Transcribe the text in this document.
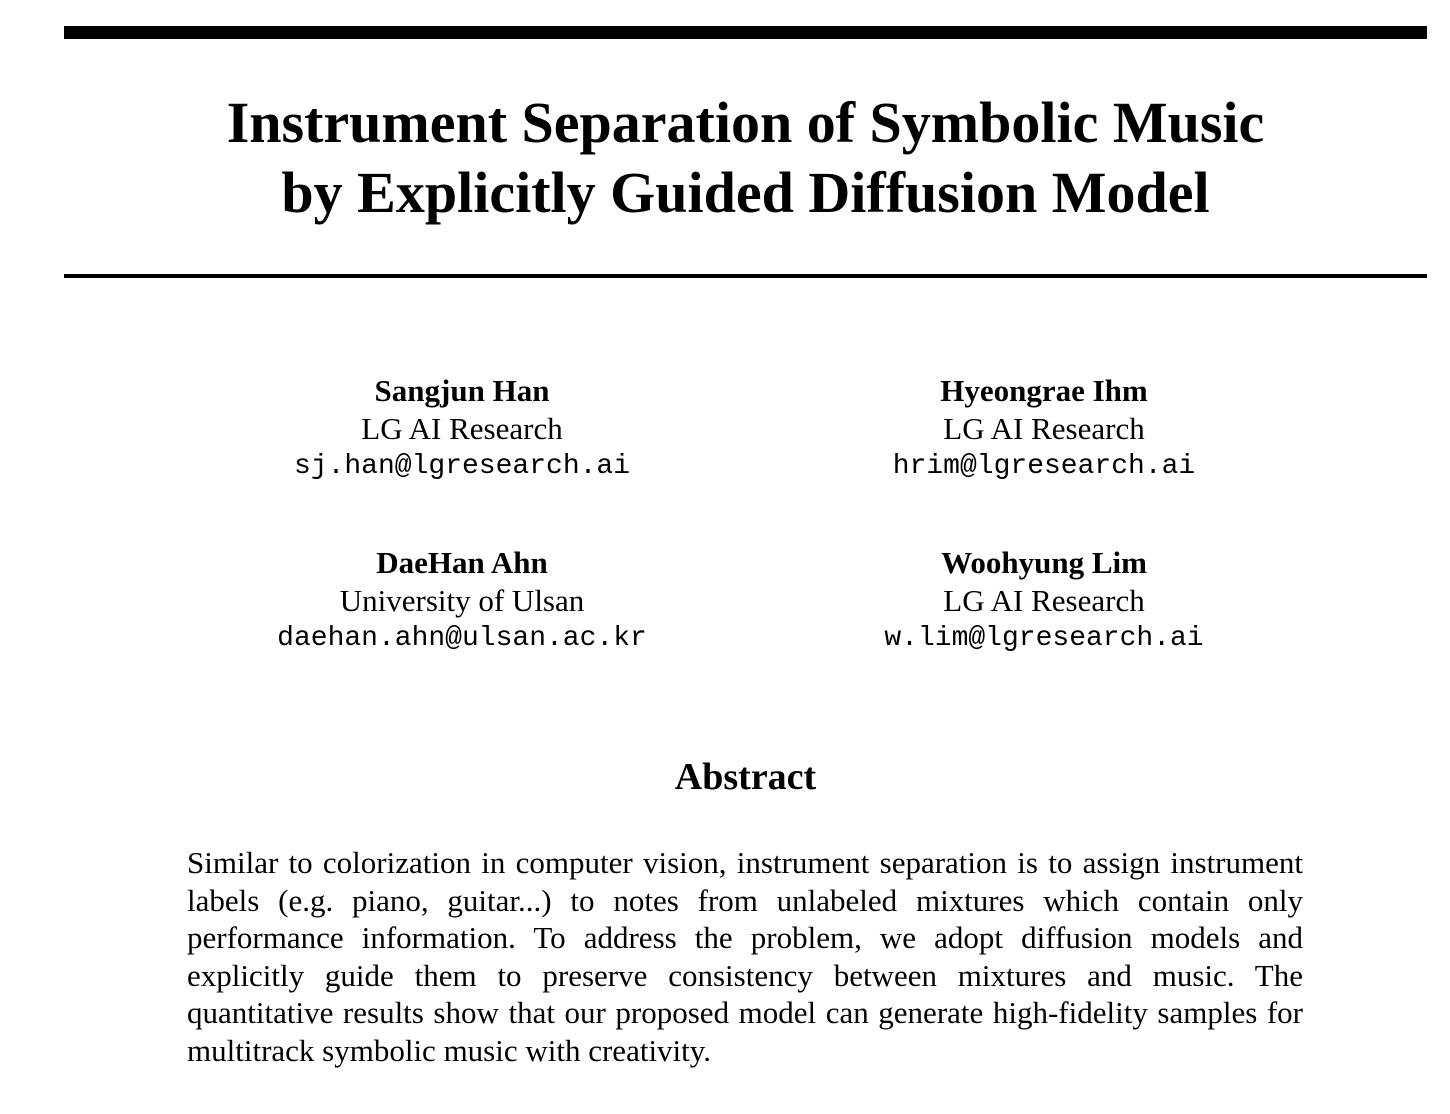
Instrument Separation of Symbolic Music
by Explicitly Guided Diffusion Model
Sangjun Han
LG AI Research
sj.han@lgresearch.ai
Hyeongrae Ihm
LG AI Research
hrim@lgresearch.ai
DaeHan Ahn
University of Ulsan
daehan.ahn@ulsan.ac.kr
Woohyung Lim
LG AI Research
w.lim@lgresearch.ai
Abstract

Similar to colorization in computer vision, instrument separation is to assign instrument labels (e.g. piano, guitar...) to notes from unlabeled mixtures which contain only performance information. To address the problem, we adopt diffusion models and explicitly guide them to preserve consistency between mixtures and music. The quantitative results show that our proposed model can generate high-fidelity samples for multitrack symbolic music with creativity.
